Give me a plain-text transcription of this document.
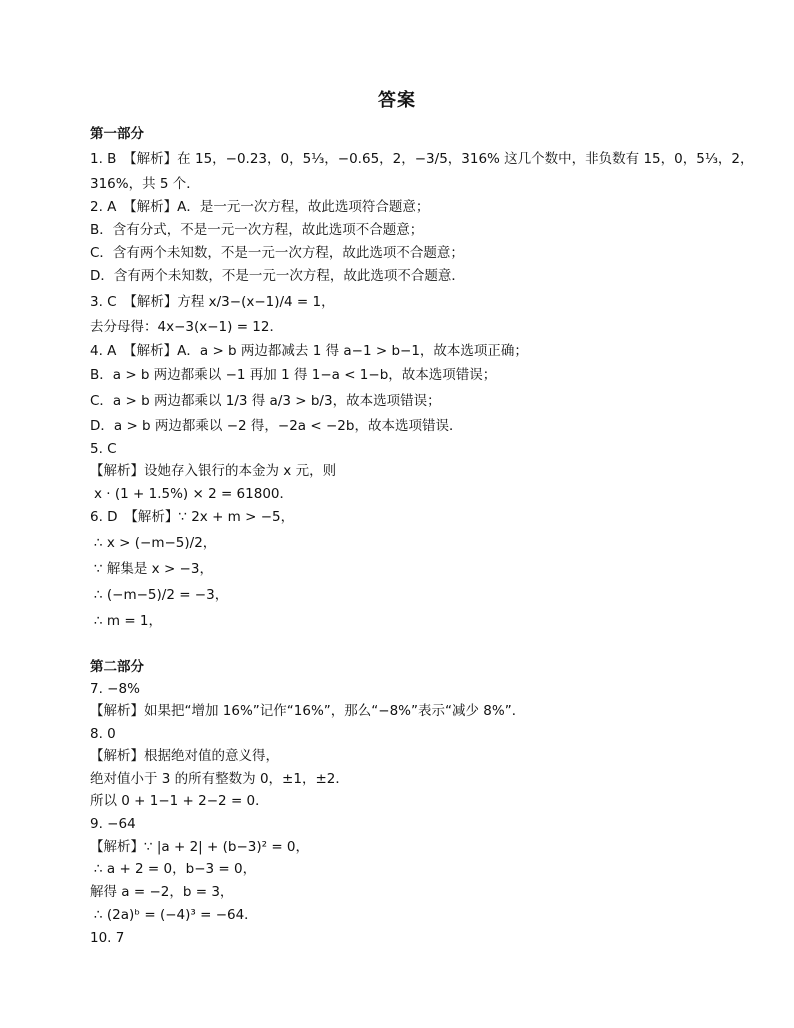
答案
第一部分
1. B　【解析】在 15，−0.23，0，5⅓，−0.65，2，−3/5，316% 这几个数中，非负数有 15，0，5⅓，2，
316%，共 5 个．
2. A　【解析】A．是一元一次方程，故此选项符合题意；
B．含有分式，不是一元一次方程，故此选项不合题意；
C．含有两个未知数，不是一元一次方程，故此选项不合题意；
D．含有两个未知数，不是一元一次方程，故此选项不合题意．
3. C　【解析】方程 x/3−(x−1)/4 = 1，
去分母得：4x−3(x−1) = 12．
4. A　【解析】A．a > b 两边都减去 1 得 a−1 > b−1，故本选项正确；
B．a > b 两边都乘以 −1 再加 1 得 1−a < 1−b，故本选项错误；
C．a > b 两边都乘以 1/3 得 a/3 > b/3，故本选项错误；
D．a > b 两边都乘以 −2 得，−2a < −2b，故本选项错误．
5. C
【解析】设她存入银行的本金为 x 元，则
x · (1 + 1.5%) × 2 = 61800．
6. D　【解析】∵ 2x + m > −5，
∴ x > (−m−5)/2，
∵ 解集是 x > −3，
∴ (−m−5)/2 = −3，
∴ m = 1，
第二部分
7. −8%
【解析】如果把“增加 16%”记作“16%”，那么“−8%”表示“减少 8%”．
8. 0
【解析】根据绝对值的意义得，
绝对值小于 3 的所有整数为 0，±1，±2．
所以 0 + 1−1 + 2−2 = 0．
9. −64
【解析】∵ |a + 2| + (b−3)² = 0，
∴ a + 2 = 0，b−3 = 0，
解得 a = −2，b = 3，
∴ (2a)ᵇ = (−4)³ = −64．
10. 7
